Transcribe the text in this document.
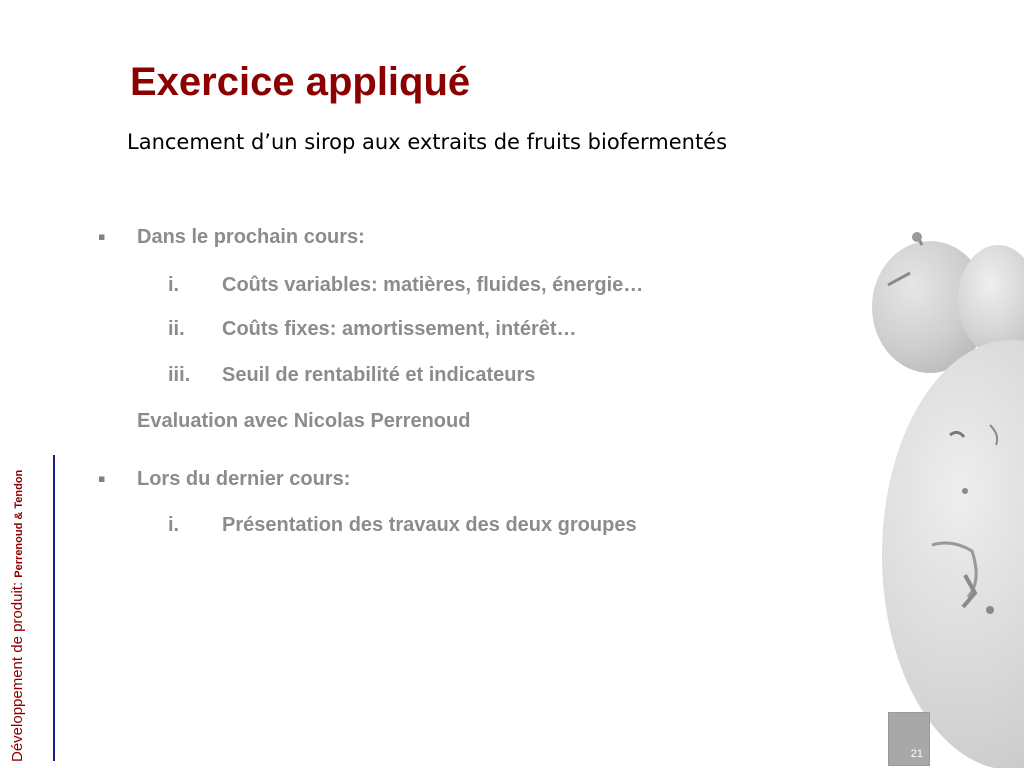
Exercice appliqué
Lancement d’un sirop aux extraits de fruits biofermentés
▪ Dans le prochain cours:
i. Coûts variables: matières, fluides, énergie…
ii. Coûts fixes: amortissement, intérêt…
iii. Seuil de rentabilité et indicateurs
Evaluation avec Nicolas Perrenoud
▪ Lors du dernier cours:
i. Présentation des travaux des deux groupes
Développement de produit: Perrenoud & Tendon
21
